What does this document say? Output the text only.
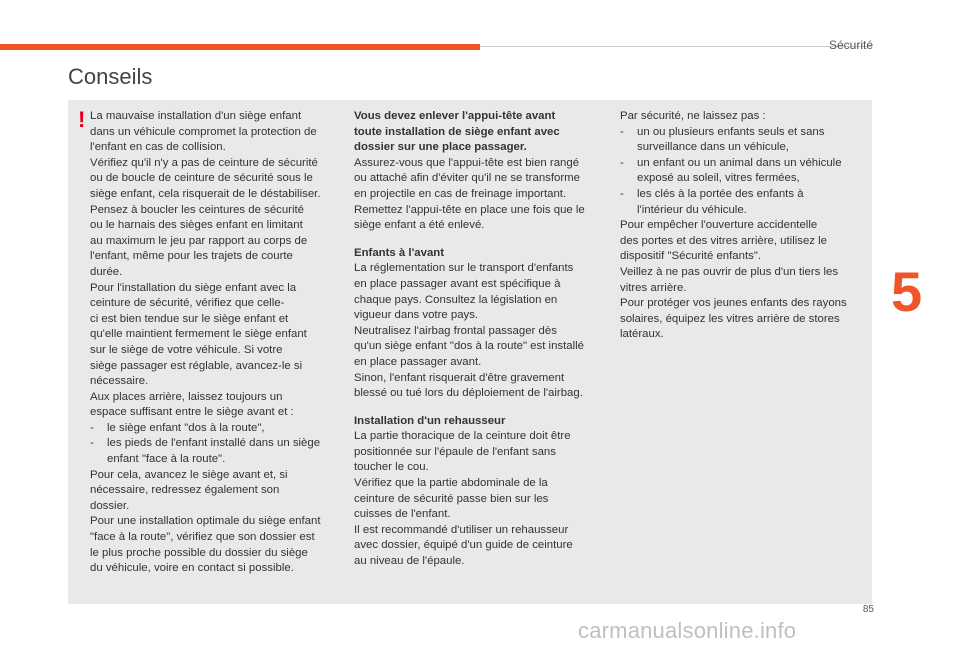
Sécurité
Conseils
! La mauvaise installation d'un siège enfant

dans un véhicule compromet la protection de

l'enfant en cas de collision.

Vérifiez qu'il n'y a pas de ceinture de sécurité

ou de boucle de ceinture de sécurité sous le

siège enfant, cela risquerait de le déstabiliser.

Pensez à boucler les ceintures de sécurité

ou le harnais des sièges enfant en limitant

au maximum le jeu par rapport au corps de

l'enfant, même pour les trajets de courte

durée.

Pour l'installation du siège enfant avec la

ceinture de sécurité, vérifiez que celle-

ci est bien tendue sur le siège enfant et

qu'elle maintient fermement le siège enfant

sur le siège de votre véhicule. Si votre

siège passager est réglable, avancez-le si

nécessaire.

Aux places arrière, laissez toujours un

espace suffisant entre le siège avant et :

- le siège enfant "dos à la route",

- les pieds de l'enfant installé dans un siège

enfant "face à la route".

Pour cela, avancez le siège avant et, si

nécessaire, redressez également son

dossier.

Pour une installation optimale du siège enfant

"face à la route", vérifiez que son dossier est

le plus proche possible du dossier du siège

du véhicule, voire en contact si possible.

Vous devez enlever l'appui-tête avant

toute installation de siège enfant avec

dossier sur une place passager.

Assurez-vous que l'appui-tête est bien rangé

ou attaché afin d'éviter qu'il ne se transforme

en projectile en cas de freinage important.

Remettez l'appui-tête en place une fois que le

siège enfant a été enlevé.

Enfants à l'avant

La réglementation sur le transport d'enfants

en place passager avant est spécifique à

chaque pays. Consultez la législation en

vigueur dans votre pays.

Neutralisez l'airbag frontal passager dès

qu'un siège enfant "dos à la route" est installé

en place passager avant.

Sinon, l'enfant risquerait d'être gravement

blessé ou tué lors du déploiement de l'airbag.

Installation d'un rehausseur

La partie thoracique de la ceinture doit être

positionnée sur l'épaule de l'enfant sans

toucher le cou.

Vérifiez que la partie abdominale de la

ceinture de sécurité passe bien sur les

cuisses de l'enfant.

Il est recommandé d'utiliser un rehausseur

avec dossier, équipé d'un guide de ceinture

au niveau de l'épaule.

Par sécurité, ne laissez pas :

- un ou plusieurs enfants seuls et sans

surveillance dans un véhicule,

- un enfant ou un animal dans un véhicule

exposé au soleil, vitres fermées,

- les clés à la portée des enfants à

l'intérieur du véhicule.

Pour empêcher l'ouverture accidentelle

des portes et des vitres arrière, utilisez le

dispositif "Sécurité enfants".

Veillez à ne pas ouvrir de plus d'un tiers les

vitres arrière.

Pour protéger vos jeunes enfants des rayons

solaires, équipez les vitres arrière de stores

latéraux.

5
85
carmanualsonline.info
